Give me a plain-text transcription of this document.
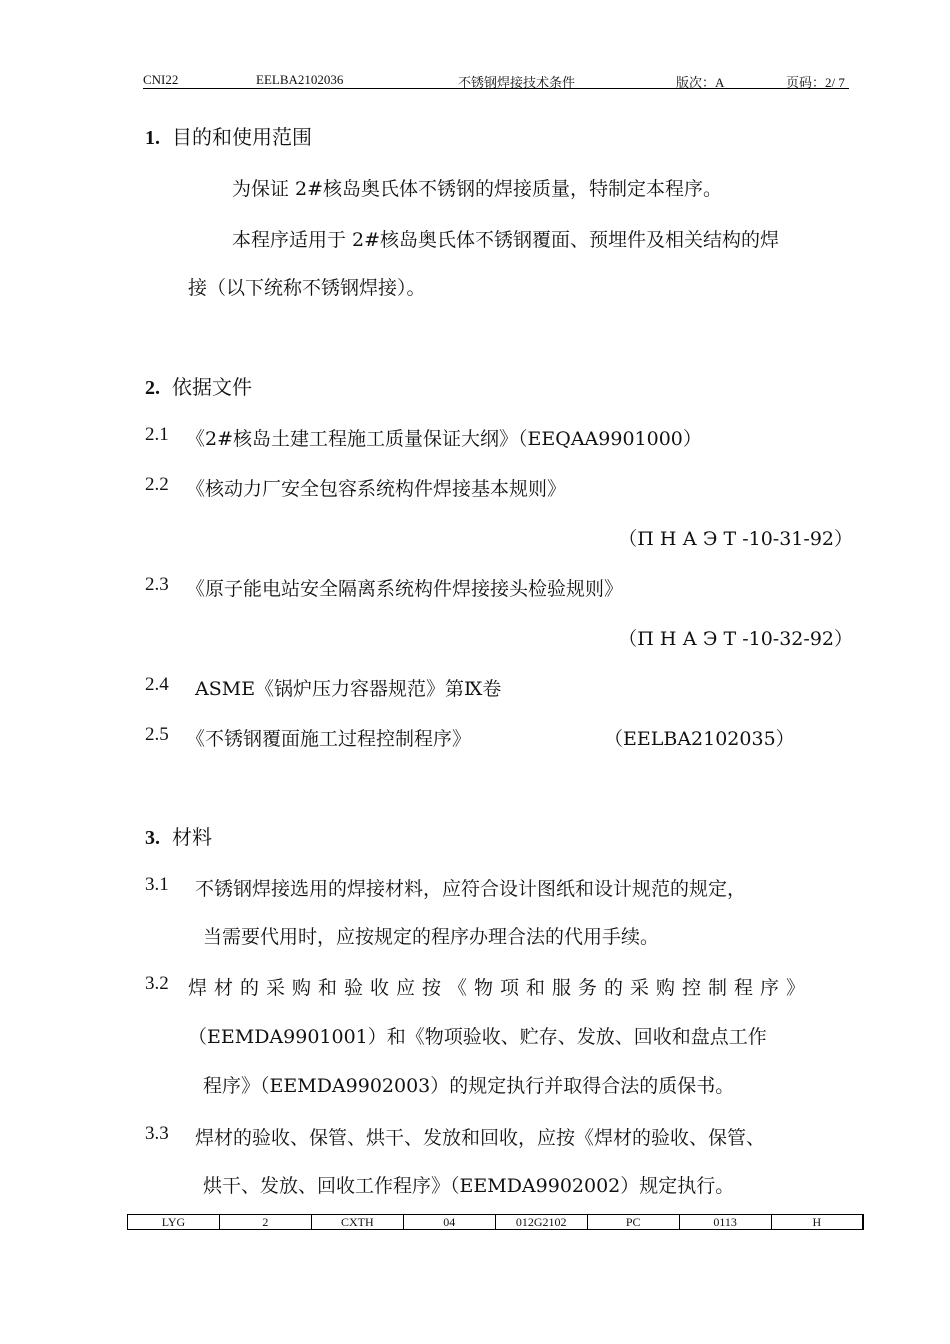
CNI22	EELBA2102036	不锈钢焊接技术条件	版次：A	页码：2/ 7
1. 目的和使用范围
为保证 2#核岛奥氏体不锈钢的焊接质量，特制定本程序。
本程序适用于 2#核岛奥氏体不锈钢覆面、预埋件及相关结构的焊
接（以下统称不锈钢焊接）。
2. 依据文件
2.1 《2#核岛土建工程施工质量保证大纲》（EEQAA9901000）
2.2 《核动力厂安全包容系统构件焊接基本规则》
（П Н А Э Т -10-31-92）
2.3 《原子能电站安全隔离系统构件焊接接头检验规则》
（П Н А Э Т -10-32-92）
2.4 ASME《锅炉压力容器规范》第Ⅸ卷
2.5 《不锈钢覆面施工过程控制程序》	（EELBA2102035）
3. 材料
3.1 不锈钢焊接选用的焊接材料，应符合设计图纸和设计规范的规定，
当需要代用时，应按规定的程序办理合法的代用手续。
3.2 焊材的采购和验收应按《物项和服务的采购控制程序》
（EEMDA9901001）和《物项验收、贮存、发放、回收和盘点工作
程序》（EEMDA9902003）的规定执行并取得合法的质保书。
3.3 焊材的验收、保管、烘干、发放和回收，应按《焊材的验收、保管、
烘干、发放、回收工作程序》（EEMDA9902002）规定执行。
LYG	2	CXTH	04	012G2102	PC	0113	H
